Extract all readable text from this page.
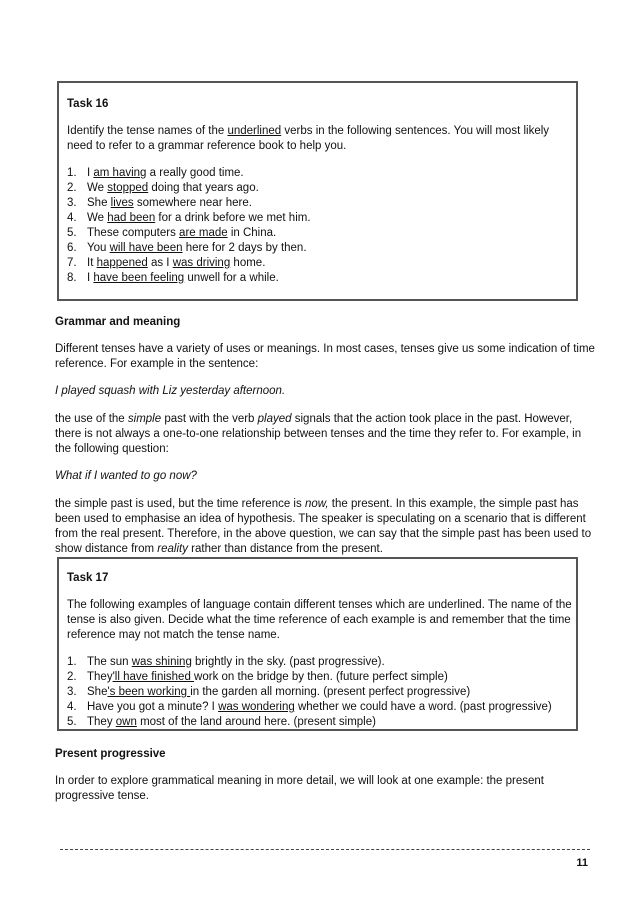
Task 16

Identify the tense names of the underlined verbs in the following sentences. You will most likely need to refer to a grammar reference book to help you.

1. I am having a really good time.
2. We stopped doing that years ago.
3. She lives somewhere near here.
4. We had been for a drink before we met him.
5. These computers are made in China.
6. You will have been here for 2 days by then.
7. It happened as I was driving home.
8. I have been feeling unwell for a while.
Grammar and meaning

Different tenses have a variety of uses or meanings. In most cases, tenses give us some indication of time reference. For example in the sentence:

I played squash with Liz yesterday afternoon.

the use of the simple past with the verb played signals that the action took place in the past. However, there is not always a one-to-one relationship between tenses and the time they refer to. For example, in the following question:

What if I wanted to go now?

the simple past is used, but the time reference is now, the present. In this example, the simple past has been used to emphasise an idea of hypothesis. The speaker is speculating on a scenario that is different from the real present. Therefore, in the above question, we can say that the simple past has been used to show distance from reality rather than distance from the present.

Task 17

The following examples of language contain different tenses which are underlined. The name of the tense is also given. Decide what the time reference of each example is and remember that the time reference may not match the tense name.

1. The sun was shining brightly in the sky. (past progressive).
2. They'll have finished work on the bridge by then. (future perfect simple)
3. She's been working in the garden all morning. (present perfect progressive)
4. Have you got a minute? I was wondering whether we could have a word. (past progressive)
5. They own most of the land around here. (present simple)
Present progressive

In order to explore grammatical meaning in more detail, we will look at one example: the present progressive tense.

11
